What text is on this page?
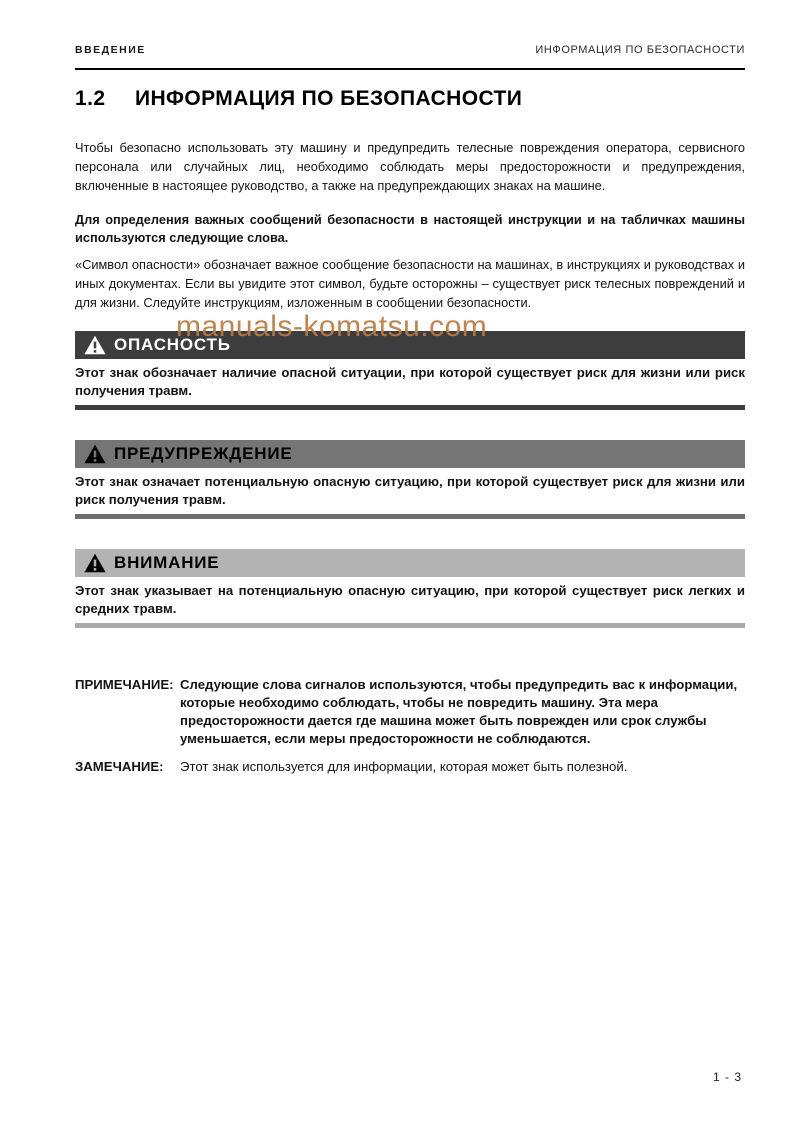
ВВЕДЕНИЕ	ИНФОРМАЦИЯ ПО БЕЗОПАСНОСТИ
1.2 ИНФОРМАЦИЯ ПО БЕЗОПАСНОСТИ

Чтобы безопасно использовать эту машину и предупредить телесные повреждения оператора, сервисного персонала или случайных лиц, необходимо соблюдать меры предосторожности и предупреждения, включенные в настоящее руководство, а также на предупреждающих знаках на машине.

Для определения важных сообщений безопасности в настоящей инструкции и на табличках машины используются следующие слова.

«Символ опасности» обозначает важное сообщение безопасности на машинах, в инструкциях и руководствах и иных документах. Если вы увидите этот символ, будьте осторожны – существует риск телесных повреждений и для жизни. Следуйте инструкциям, изложенным в сообщении безопасности.

ОПАСНОСТЬ

Этот знак обозначает наличие опасной ситуации, при которой существует риск для жизни или риск получения травм.

ПРЕДУПРЕЖДЕНИЕ

Этот знак означает потенциальную опасную ситуацию, при которой существует риск для жизни или риск получения травм.

ВНИМАНИЕ

Этот знак указывает на потенциальную опасную ситуацию, при которой существует риск легких и средних травм.

ПРИМЕЧАНИЕ: Следующие слова сигналов используются, чтобы предупредить вас к информации, которые необходимо соблюдать, чтобы не повредить машину. Эта мера предосторожности дается где машина может быть поврежден или срок службы уменьшается, если меры предосторожности не соблюдаются.
ЗАМЕЧАНИЕ:	Этот знак используется для информации, которая может быть полезной.
manuals-komatsu.com
1 - 3
